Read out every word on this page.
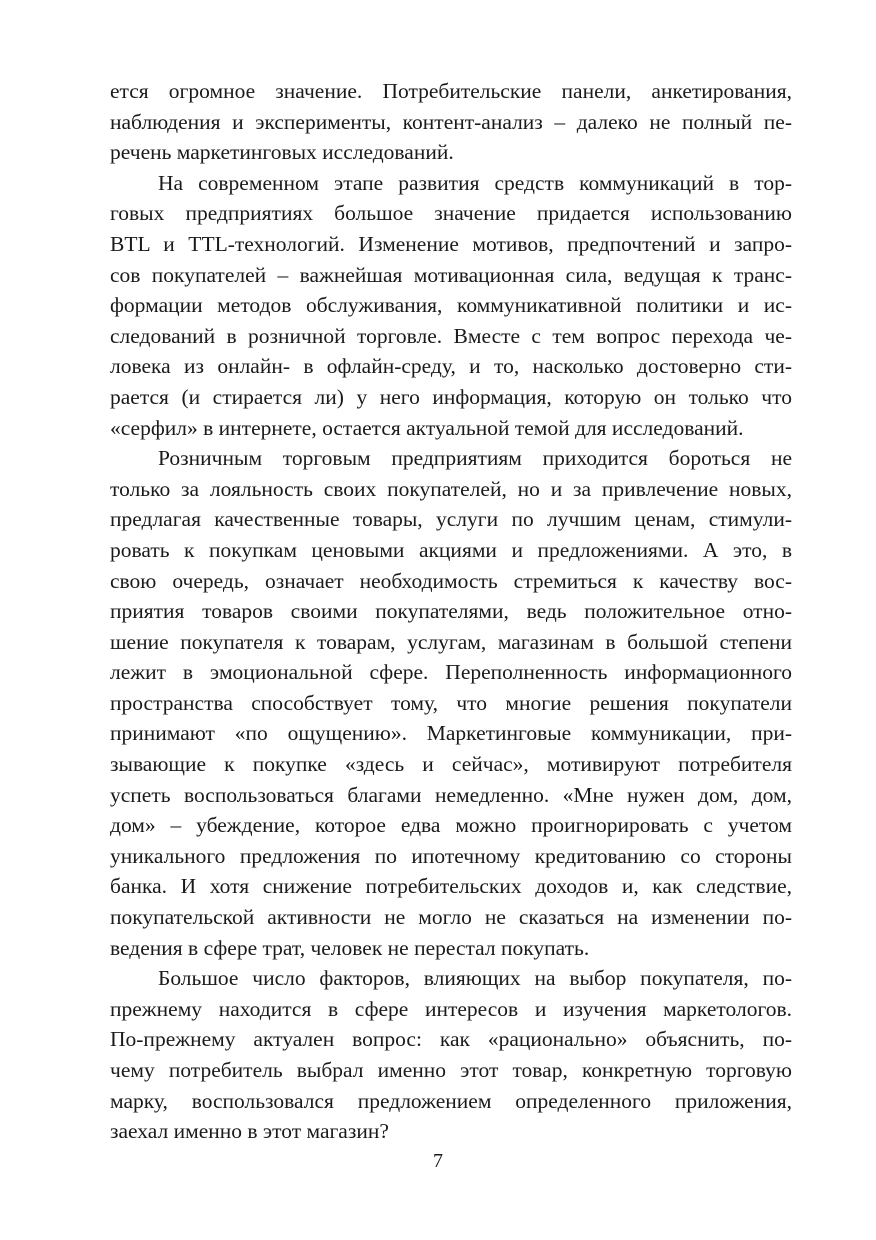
ется огромное значение. Потребительские панели, анкетирования,
наблюдения и эксперименты, контент-анализ – далеко не полный пе-
речень маркетинговых исследований.
На современном этапе развития средств коммуникаций в тор-
говых предприятиях большое значение придается использованию
BTL и TTL-технологий. Изменение мотивов, предпочтений и запро-
сов покупателей – важнейшая мотивационная сила, ведущая к транс-
формации методов обслуживания, коммуникативной политики и ис-
следований в розничной торговле. Вместе с тем вопрос перехода че-
ловека из онлайн- в офлайн-среду, и то, насколько достоверно сти-
рается (и стирается ли) у него информация, которую он только что
«серфил» в интернете, остается актуальной темой для исследований.
Розничным торговым предприятиям приходится бороться не
только за лояльность своих покупателей, но и за привлечение новых,
предлагая качественные товары, услуги по лучшим ценам, стимули-
ровать к покупкам ценовыми акциями и предложениями. А это, в
свою очередь, означает необходимость стремиться к качеству вос-
приятия товаров своими покупателями, ведь положительное отно-
шение покупателя к товарам, услугам, магазинам в большой степени
лежит в эмоциональной сфере. Переполненность информационного
пространства способствует тому, что многие решения покупатели
принимают «по ощущению». Маркетинговые коммуникации, при-
зывающие к покупке «здесь и сейчас», мотивируют потребителя
успеть воспользоваться благами немедленно. «Мне нужен дом, дом,
дом» – убеждение, которое едва можно проигнорировать с учетом
уникального предложения по ипотечному кредитованию со стороны
банка. И хотя снижение потребительских доходов и, как следствие,
покупательской активности не могло не сказаться на изменении по-
ведения в сфере трат, человек не перестал покупать.
Большое число факторов, влияющих на выбор покупателя, по-
прежнему находится в сфере интересов и изучения маркетологов.
По-прежнему актуален вопрос: как «рационально» объяснить, по-
чему потребитель выбрал именно этот товар, конкретную торговую
марку, воспользовался предложением определенного приложения,
заехал именно в этот магазин?
7
